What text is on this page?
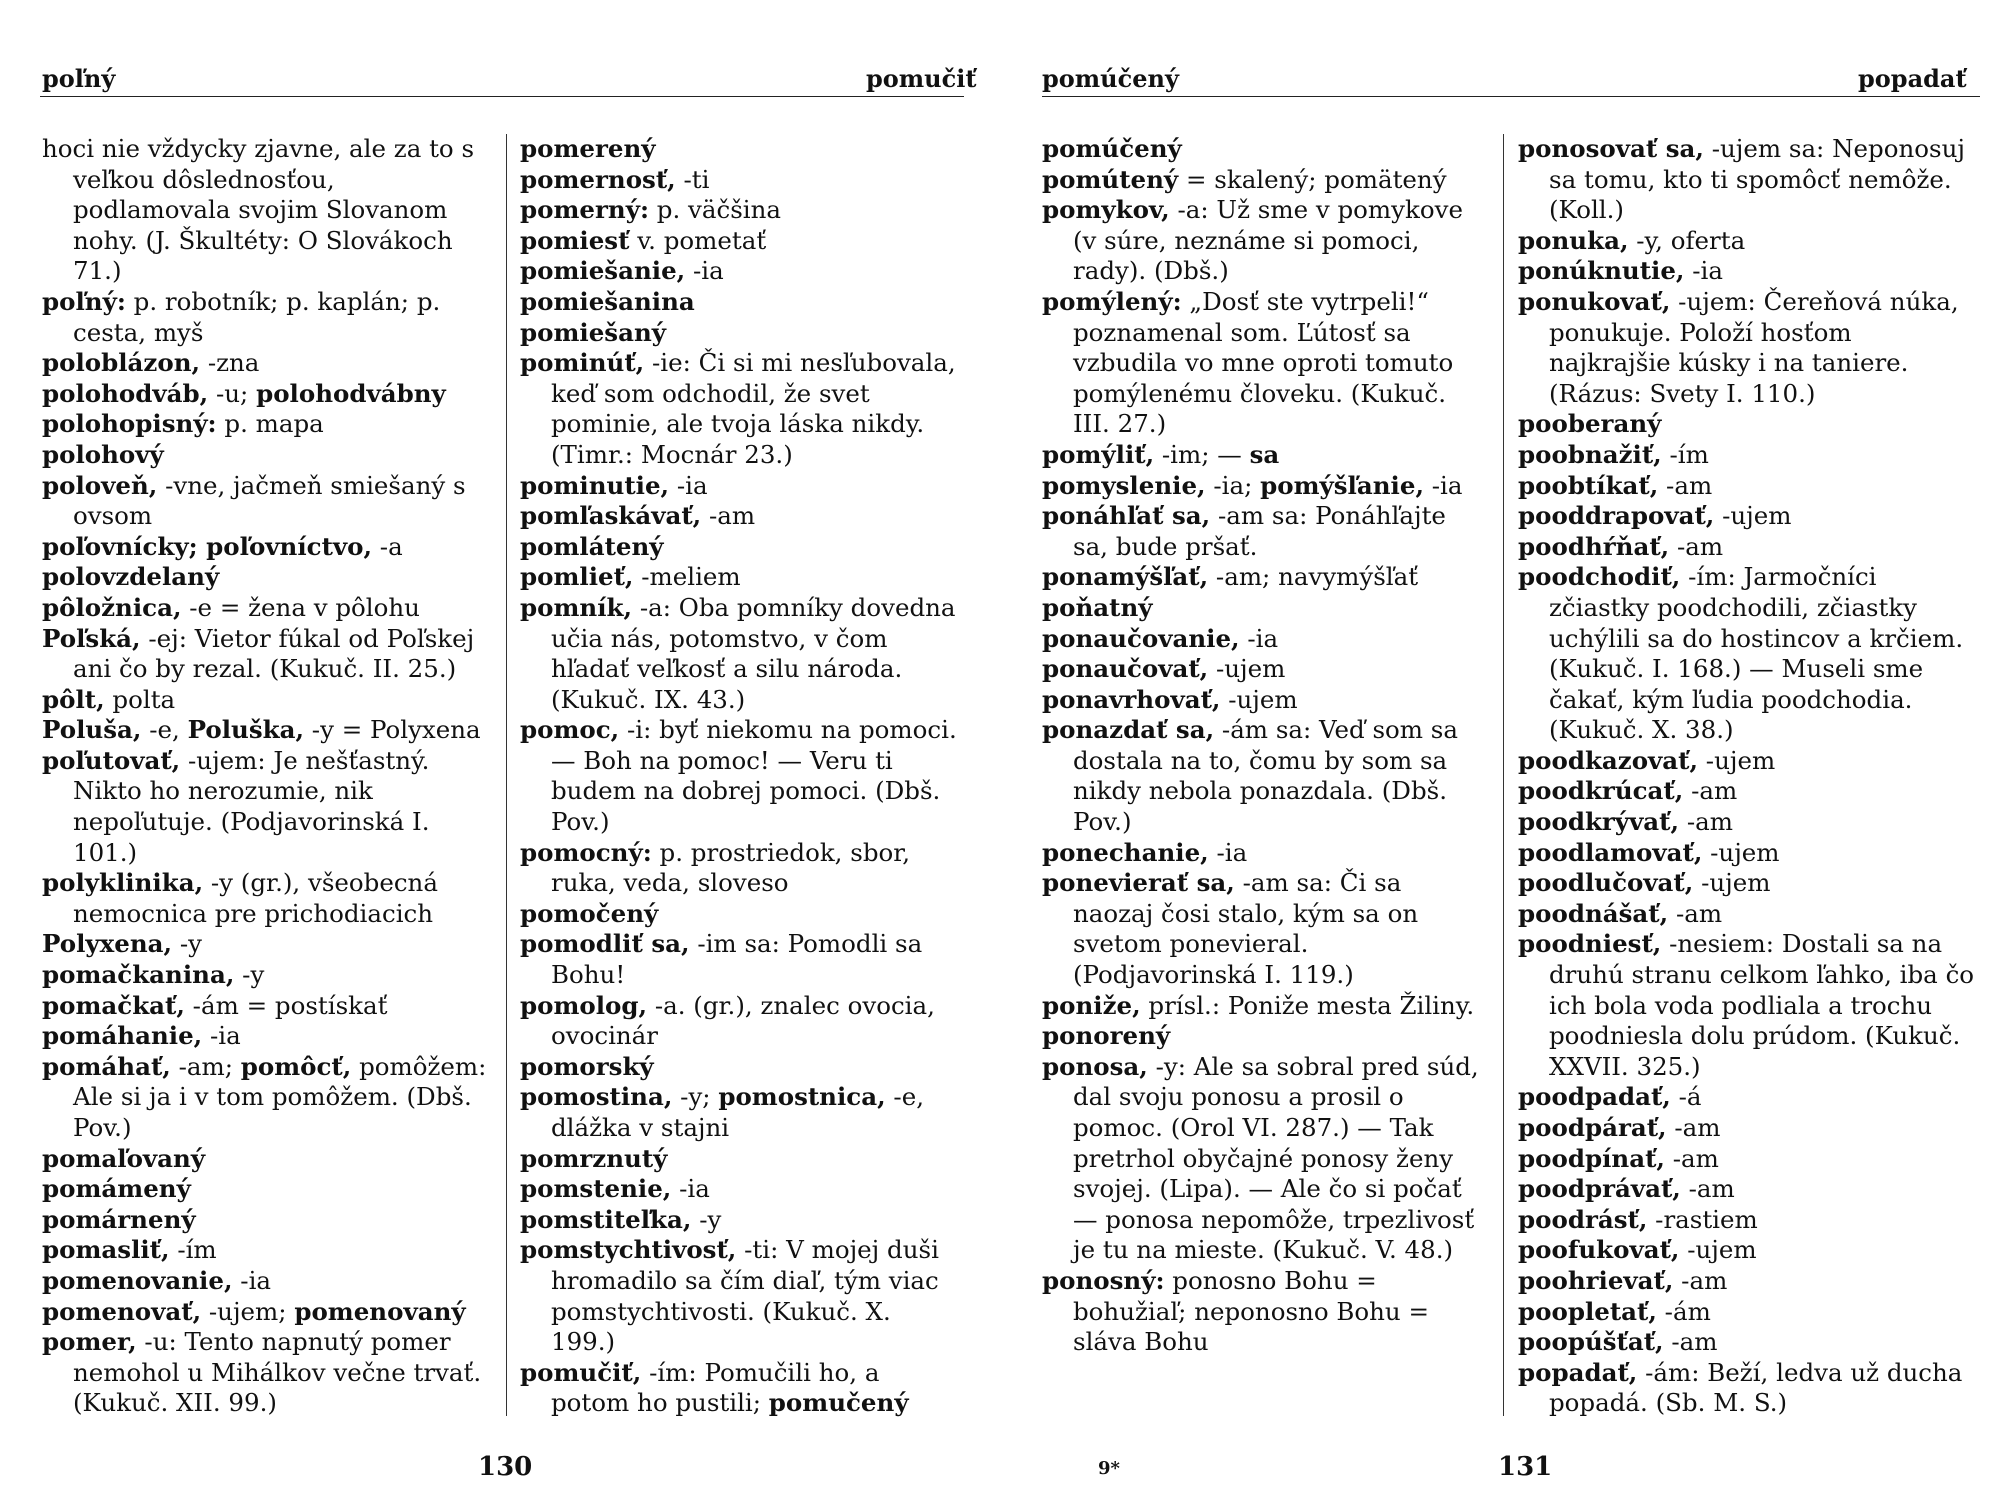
poľný	pomučiť
hoci nie vždycky zjavne, ale za to s veľkou dôslednosťou, podlamovala svojim Slovanom nohy. (J. Škultéty: O Slovákoch 71.)
poľný: p. robotník; p. kaplán; p. cesta, myš
poloblázon, -zna
polohodváb, -u; polohodvábny
polohopisný: p. mapa
polohový
poloveň, -vne, jačmeň smiešaný s ovsom
poľovnícky; poľovníctvo, -a
polovzdelaný
pôložnica, -e = žena v pôlohu
Poľská, -ej: Vietor fúkal od Poľskej ani čo by rezal. (Kukuč. II. 25.)
pôlt, polta
Poluša, -e, Poluška, -y = Polyxena
poľutovať, -ujem: Je nešťastný. Nikto ho nerozumie, nik nepoľutuje. (Podjavorinská I. 101.)
polyklinika, -y (gr.), všeobecná nemocnica pre prichodiacich
Polyxena, -y
pomačkanina, -y
pomačkať, -ám = postískať
pomáhanie, -ia
pomáhať, -am; pomôcť, pomôžem: Ale si ja i v tom pomôžem. (Dbš. Pov.)
pomaľovaný
pomámený
pomárnený
pomasliť, -ím
pomenovanie, -ia
pomenovať, -ujem; pomenovaný
pomer, -u: Tento napnutý pomer nemohol u Mihálkov večne trvať. (Kukuč. XII. 99.)
pomerený
pomernosť, -ti
pomerný: p. väčšina
pomiesť v. pometať
pomiešanie, -ia
pomiešanina
pomiešaný
pominúť, -ie: Či si mi nesľubovala, keď som odchodil, že svet pominie, ale tvoja láska nikdy. (Timr.: Mocnár 23.)
pominutie, -ia
pomľaskávať, -am
pomlátený
pomlieť, -meliem
pomník, -a: Oba pomníky dovedna učia nás, potomstvo, v čom hľadať veľkosť a silu národa. (Kukuč. IX. 43.)
pomoc, -i: byť niekomu na pomoci. — Boh na pomoc! — Veru ti budem na dobrej pomoci. (Dbš. Pov.)
pomocný: p. prostriedok, sbor, ruka, veda, sloveso
pomočený
pomodliť sa, -im sa: Pomodli sa Bohu!
pomolog, -a. (gr.), znalec ovocia, ovocinár
pomorský
pomostina, -y; pomostnica, -e, dlážka v stajni
pomrznutý
pomstenie, -ia
pomstiteľka, -y
pomstychtivosť, -ti: V mojej duši hromadilo sa čím diaľ, tým viac pomstychtivosti. (Kukuč. X. 199.)
pomučiť, -ím: Pomučili ho, a potom ho pustili; pomučený
130
pomúčený	popadať
pomúčený
pomútený = skalený; pomätený
pomykov, -a: Už sme v pomykove (v súre, neznáme si pomoci, rady). (Dbš.)
pomýlený: „Dosť ste vytrpeli!“ poznamenal som. Ľútosť sa vzbudila vo mne oproti tomuto pomýlenému človeku. (Kukuč. III. 27.)
pomýliť, -im; — sa
pomyslenie, -ia; pomýšľanie, -ia
ponáhľať sa, -am sa: Ponáhľajte sa, bude pršať.
ponamýšľať, -am; navymýšľať
poňatný
ponaučovanie, -ia
ponaučovať, -ujem
ponavrhovať, -ujem
ponazdať sa, -ám sa: Veď som sa dostala na to, čomu by som sa nikdy nebola ponazdala. (Dbš. Pov.)
ponechanie, -ia
ponevierať sa, -am sa: Či sa naozaj čosi stalo, kým sa on svetom ponevieral. (Podjavorinská I. 119.)
poniže, prísl.: Poniže mesta Žiliny.
ponorený
ponosa, -y: Ale sa sobral pred súd, dal svoju ponosu a prosil o pomoc. (Orol VI. 287.) — Tak pretrhol obyčajné ponosy ženy svojej. (Lipa). — Ale čo si počať — ponosa nepomôže, trpezlivosť je tu na mieste. (Kukuč. V. 48.)
ponosný: ponosno Bohu = bohužiaľ; neponosno Bohu = sláva Bohu
ponosovať sa, -ujem sa: Neponosuj sa tomu, kto ti spomôcť nemôže. (Koll.)
ponuka, -y, oferta
ponúknutie, -ia
ponukovať, -ujem: Čereňová núka, ponukuje. Položí hosťom najkrajšie kúsky i na taniere. (Rázus: Svety I. 110.)
pooberaný
poobnažiť, -ím
poobtíkať, -am
pooddrapovať, -ujem
poodhŕňať, -am
poodchodiť, -ím: Jarmočníci zčiastky poodchodili, zčiastky uchýlili sa do hostincov a krčiem. (Kukuč. I. 168.) — Museli sme čakať, kým ľudia poodchodia. (Kukuč. X. 38.)
poodkazovať, -ujem
poodkrúcať, -am
poodkrývať, -am
poodlamovať, -ujem
poodlučovať, -ujem
poodnášať, -am
poodniesť, -nesiem: Dostali sa na druhú stranu celkom ľahko, iba čo ich bola voda podliala a trochu poodniesla dolu prúdom. (Kukuč. XXVII. 325.)
poodpadať, -á
poodpárať, -am
poodpínať, -am
poodprávať, -am
poodrásť, -rastiem
poofukovať, -ujem
poohrievať, -am
poopletať, -ám
poopúšťať, -am
popadať, -ám: Beží, ledva už ducha popadá. (Sb. M. S.)
9*	131
